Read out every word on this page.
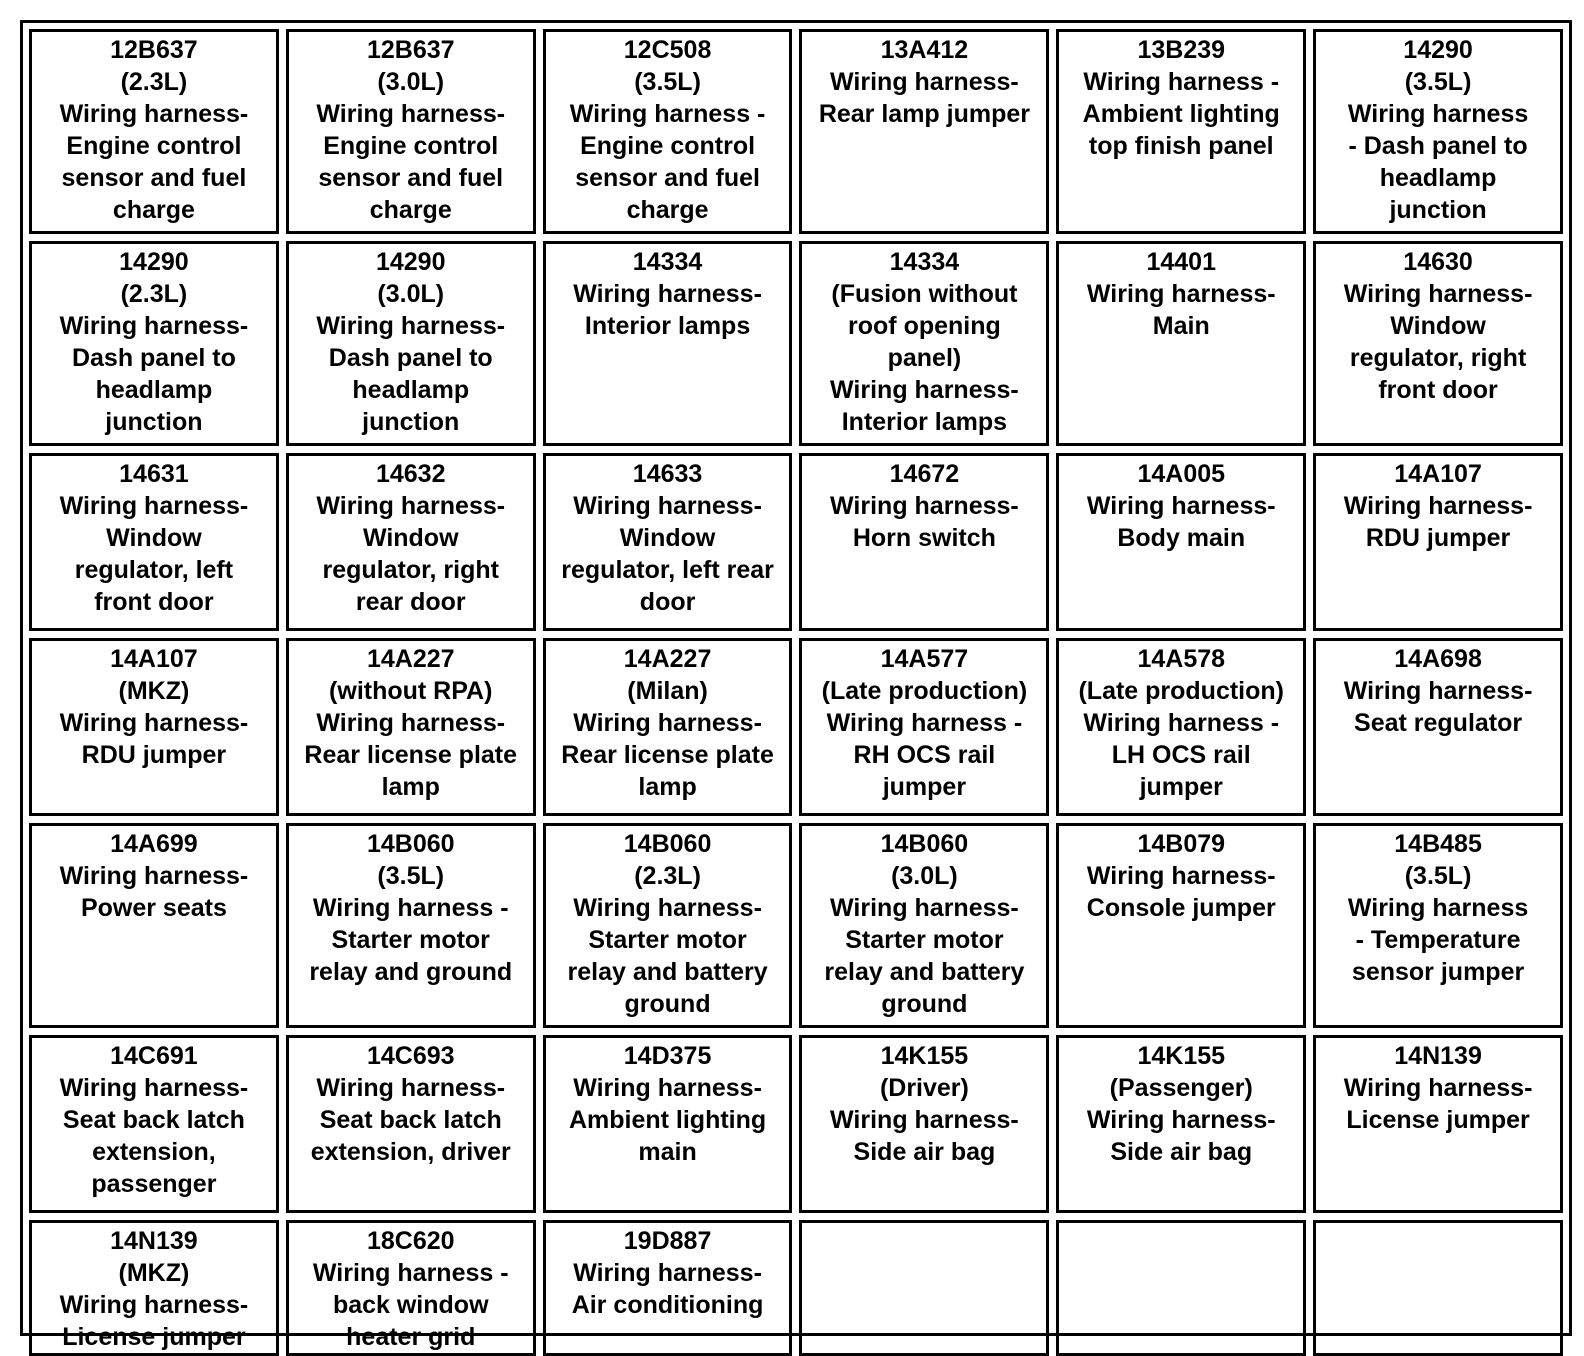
12B637
(2.3L)
Wiring harness-
Engine control
sensor and fuel
charge
12B637
(3.0L)
Wiring harness-
Engine control
sensor and fuel
charge
12C508
(3.5L)
Wiring harness -
Engine control
sensor and fuel
charge
13A412
Wiring harness-
Rear lamp jumper
13B239
Wiring harness -
Ambient lighting
top finish panel
14290
(3.5L)
Wiring harness
- Dash panel to
headlamp
junction
14290
(2.3L)
Wiring harness-
Dash panel to
headlamp
junction
14290
(3.0L)
Wiring harness-
Dash panel to
headlamp
junction
14334
Wiring harness-
Interior lamps
14334
(Fusion without
roof opening
panel)
Wiring harness-
Interior lamps
14401
Wiring harness-
Main
14630
Wiring harness-
Window
regulator, right
front door
14631
Wiring harness-
Window
regulator, left
front door
14632
Wiring harness-
Window
regulator, right
rear door
14633
Wiring harness-
Window
regulator, left rear
door
14672
Wiring harness-
Horn switch
14A005
Wiring harness-
Body main
14A107
Wiring harness-
RDU jumper
14A107
(MKZ)
Wiring harness-
RDU jumper
14A227
(without RPA)
Wiring harness-
Rear license plate
lamp
14A227
(Milan)
Wiring harness-
Rear license plate
lamp
14A577
(Late production)
Wiring harness -
RH OCS rail
jumper
14A578
(Late production)
Wiring harness -
LH OCS rail
jumper
14A698
Wiring harness-
Seat regulator
14A699
Wiring harness-
Power seats
14B060
(3.5L)
Wiring harness -
Starter motor
relay and ground
14B060
(2.3L)
Wiring harness-
Starter motor
relay and battery
ground
14B060
(3.0L)
Wiring harness-
Starter motor
relay and battery
ground
14B079
Wiring harness-
Console jumper
14B485
(3.5L)
Wiring harness
- Temperature
sensor jumper
14C691
Wiring harness-
Seat back latch
extension,
passenger
14C693
Wiring harness-
Seat back latch
extension, driver
14D375
Wiring harness-
Ambient lighting
main
14K155
(Driver)
Wiring harness-
Side air bag
14K155
(Passenger)
Wiring harness-
Side air bag
14N139
Wiring harness-
License jumper
14N139
(MKZ)
Wiring harness-
License jumper
18C620
Wiring harness -
back window
heater grid
19D887
Wiring harness-
Air conditioning
